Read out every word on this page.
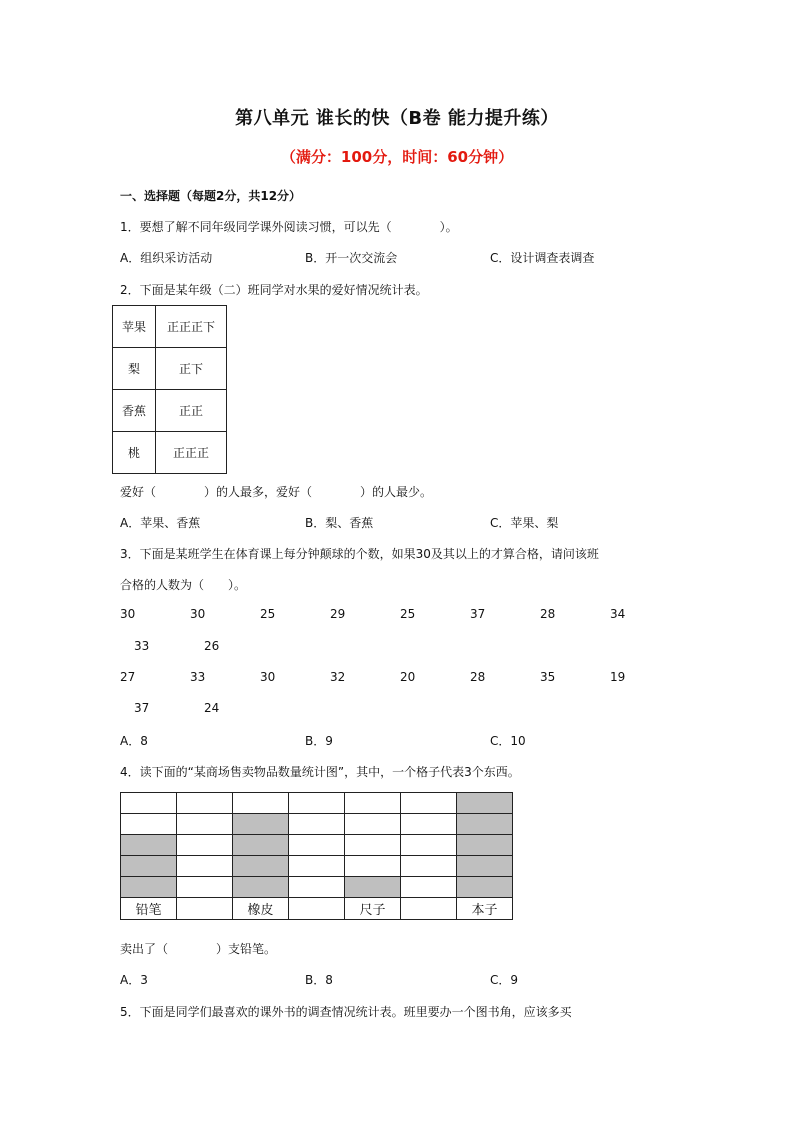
第八单元 谁长的快（B卷 能力提升练）
（满分：100分，时间：60分钟）
一、选择题（每题2分，共12分）
1．要想了解不同年级同学课外阅读习惯，可以先（　　　　）。
A．组织采访活动	B．开一次交流会	C．设计调查表调查
2．下面是某年级（二）班同学对水果的爱好情况统计表。
苹果	正正正下
梨	正下
香蕉	正正
桃	正正正
爱好（　　　　）的人最多，爱好（　　　　）的人最少。
A．苹果、香蕉	B．梨、香蕉	C．苹果、梨
3．下面是某班学生在体育课上每分钟颠球的个数，如果30及其以上的才算合格，请问该班
合格的人数为（　　）。
30	30	25	29	25	37	28	34
33	26
27	33	30	32	20	28	35	19
37	24
A．8	B．9	C．10
4．读下面的“某商场售卖物品数量统计图”，其中，一个格子代表3个东西。

铅笔		橡皮		尺子		本子
卖出了（　　　　）支铅笔。
A．3	B．8	C．9
5．下面是同学们最喜欢的课外书的调查情况统计表。班里要办一个图书角，应该多买
